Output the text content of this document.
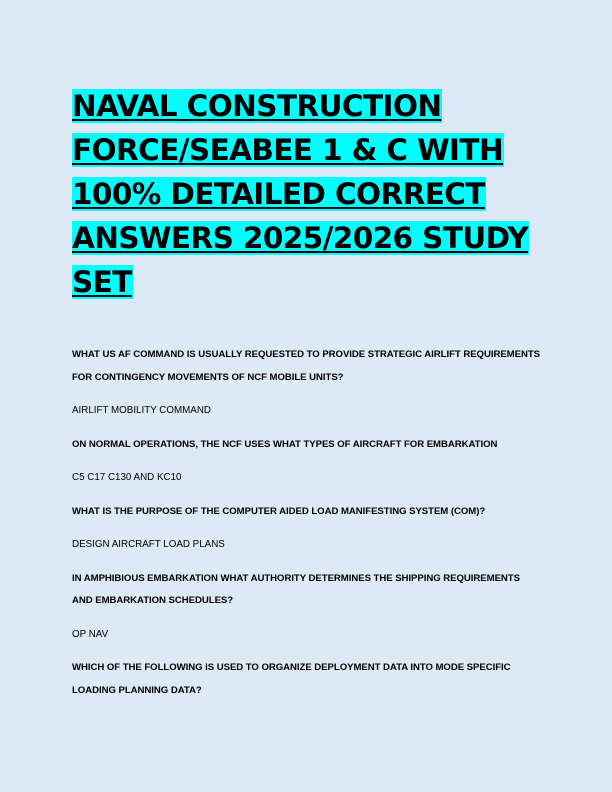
NAVAL CONSTRUCTION FORCE/SEABEE 1 & C WITH 100% DETAILED CORRECT ANSWERS 2025/2026 STUDY SET

WHAT US AF COMMAND IS USUALLY REQUESTED TO PROVIDE STRATEGIC AIRLIFT REQUIREMENTS FOR CONTINGENCY MOVEMENTS OF NCF MOBILE UNITS?

AIRLIFT MOBILITY COMMAND

ON NORMAL OPERATIONS, THE NCF USES WHAT TYPES OF AIRCRAFT FOR EMBARKATION

C5 C17 C130 AND KC10

WHAT IS THE PURPOSE OF THE COMPUTER AIDED LOAD MANIFESTING SYSTEM (COM)?

DESIGN AIRCRAFT LOAD PLANS

IN AMPHIBIOUS EMBARKATION WHAT AUTHORITY DETERMINES THE SHIPPING REQUIREMENTS AND EMBARKATION SCHEDULES?

OP NAV

WHICH OF THE FOLLOWING IS USED TO ORGANIZE DEPLOYMENT DATA INTO MODE SPECIFIC LOADING PLANNING DATA?
